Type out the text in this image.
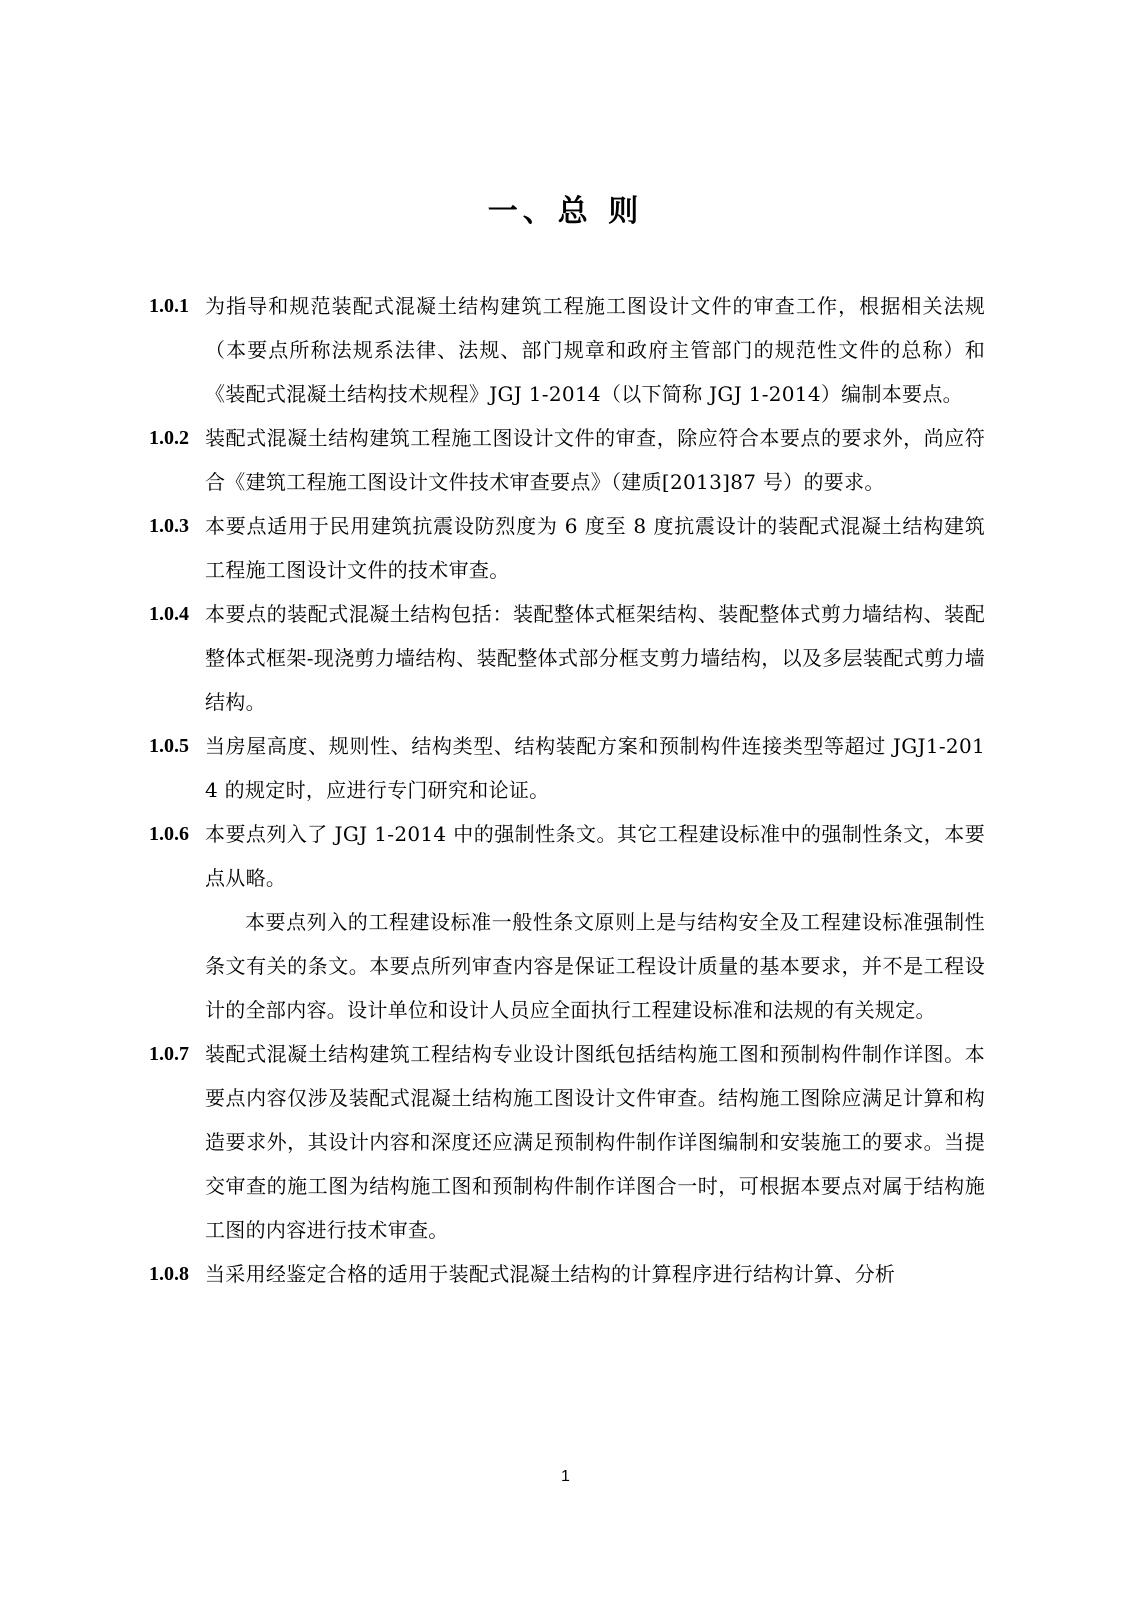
一、总 则
1.0.1 为指导和规范装配式混凝土结构建筑工程施工图设计文件的审查工作，根据相关法规（本要点所称法规系法律、法规、部门规章和政府主管部门的规范性文件的总称）和《装配式混凝土结构技术规程》JGJ 1-2014（以下简称 JGJ 1-2014）编制本要点。
1.0.2 装配式混凝土结构建筑工程施工图设计文件的审查，除应符合本要点的要求外，尚应符合《建筑工程施工图设计文件技术审查要点》（建质[2013]87 号）的要求。
1.0.3 本要点适用于民用建筑抗震设防烈度为 6 度至 8 度抗震设计的装配式混凝土结构建筑工程施工图设计文件的技术审查。
1.0.4 本要点的装配式混凝土结构包括：装配整体式框架结构、装配整体式剪力墙结构、装配整体式框架-现浇剪力墙结构、装配整体式部分框支剪力墙结构，以及多层装配式剪力墙结构。
1.0.5 当房屋高度、规则性、结构类型、结构装配方案和预制构件连接类型等超过 JGJ1-2014 的规定时，应进行专门研究和论证。
1.0.6 本要点列入了 JGJ 1-2014 中的强制性条文。其它工程建设标准中的强制性条文，本要点从略。
本要点列入的工程建设标准一般性条文原则上是与结构安全及工程建设标准强制性条文有关的条文。本要点所列审查内容是保证工程设计质量的基本要求，并不是工程设计的全部内容。设计单位和设计人员应全面执行工程建设标准和法规的有关规定。
1.0.7 装配式混凝土结构建筑工程结构专业设计图纸包括结构施工图和预制构件制作详图。本要点内容仅涉及装配式混凝土结构施工图设计文件审查。结构施工图除应满足计算和构造要求外，其设计内容和深度还应满足预制构件制作详图编制和安装施工的要求。当提交审查的施工图为结构施工图和预制构件制作详图合一时，可根据本要点对属于结构施工图的内容进行技术审查。
1.0.8 当采用经鉴定合格的适用于装配式混凝土结构的计算程序进行结构计算、分析
1
